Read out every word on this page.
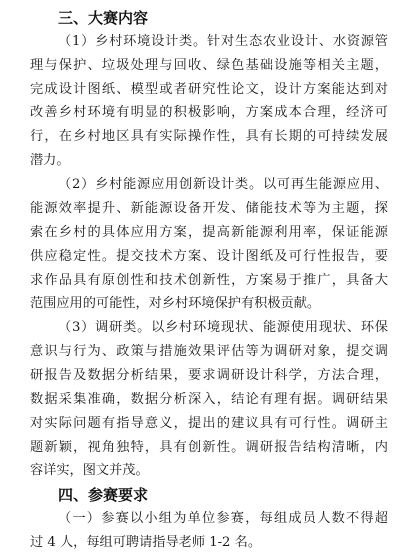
三、大赛内容
（1）乡村环境设计类。针对生态农业设计、水资源管
理与保护、垃圾处理与回收、绿色基础设施等相关主题，
完成设计图纸、模型或者研究性论文，设计方案能达到对
改善乡村环境有明显的积极影响，方案成本合理，经济可
行，在乡村地区具有实际操作性，具有长期的可持续发展
潜力。
（2）乡村能源应用创新设计类。以可再生能源应用、
能源效率提升、新能源设备开发、储能技术等为主题，探
索在乡村的具体应用方案，提高新能源利用率，保证能源
供应稳定性。提交技术方案、设计图纸及可行性报告，要
求作品具有原创性和技术创新性，方案易于推广，具备大
范围应用的可能性，对乡村环境保护有积极贡献。
（3）调研类。以乡村环境现状、能源使用现状、环保
意识与行为、政策与措施效果评估等为调研对象，提交调
研报告及数据分析结果，要求调研设计科学，方法合理，
数据采集准确，数据分析深入，结论有理有据。调研结果
对实际问题有指导意义，提出的建议具有可行性。调研主
题新颖，视角独特，具有创新性。调研报告结构清晰，内
容详实，图文并茂。
四、参赛要求
（一）参赛以小组为单位参赛，每组成员人数不得超
过 4 人，每组可聘请指导老师 1-2 名。
